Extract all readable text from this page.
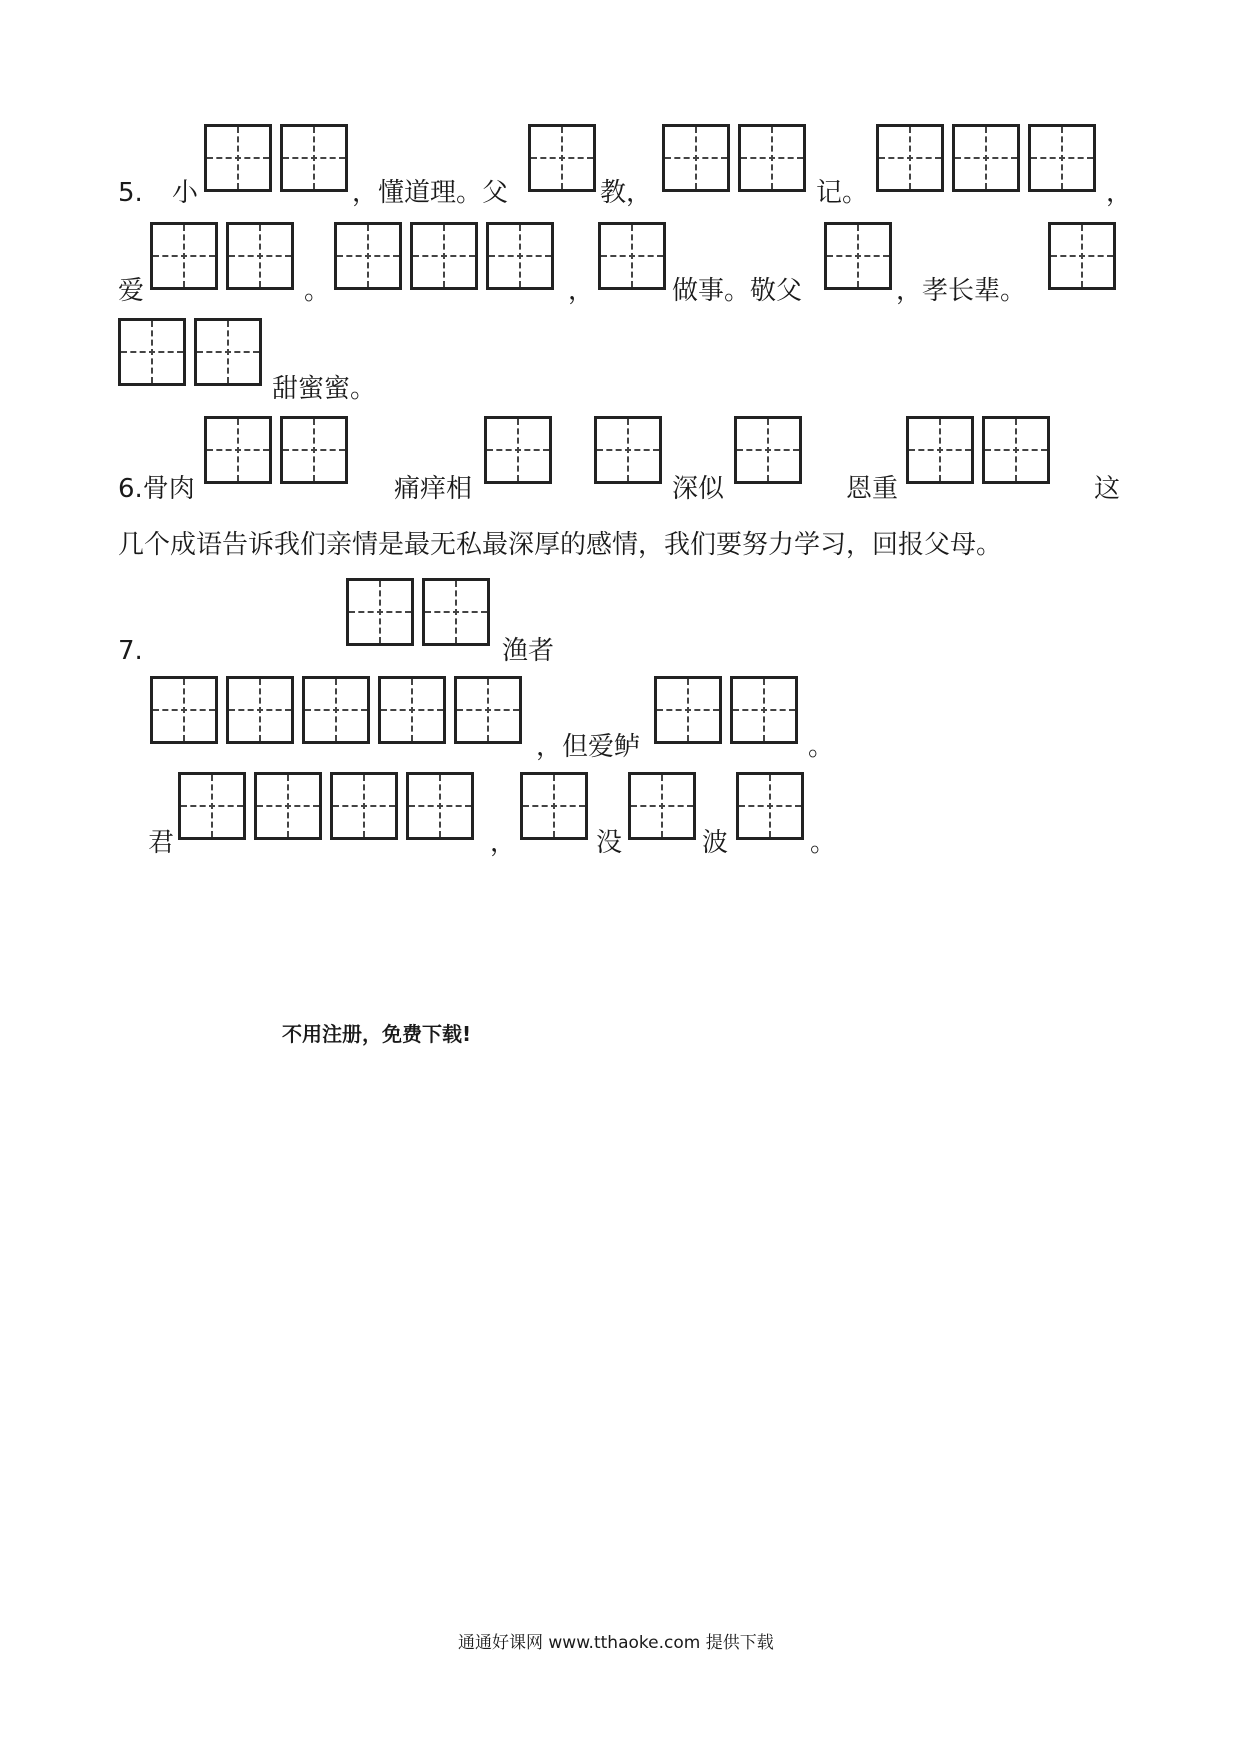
5. 小	，懂道理。父	教，	记。	，
爱	。	，	做事。敬父	，孝长辈。
甜蜜蜜。
6.骨肉	痛痒相	深似	恩重	这
几个成语告诉我们亲情是最无私最深厚的感情，我们要努力学习，回报父母。
7.	渔者
，但爱鲈	。
君	，	没	波	。
不用注册，免费下载!
通通好课网 www.tthaoke.com 提供下载
